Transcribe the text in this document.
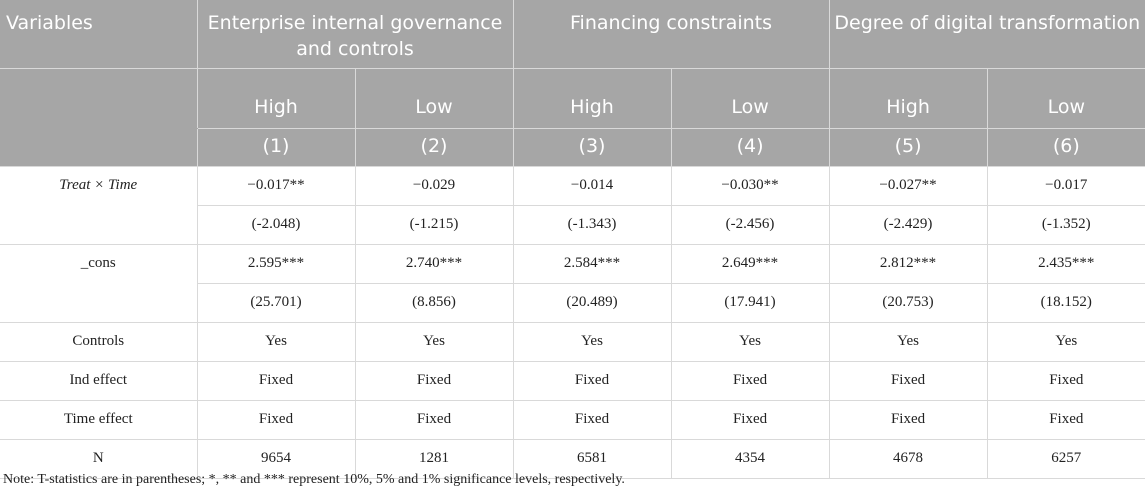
Variables	Enterprise internal governance and controls		Financing constraints		Degree of digital transformation	
	High	Low	High	Low	High	Low
	(1)	(2)	(3)	(4)	(5)	(6)
Treat × Time	−0.017**	−0.029	−0.014	−0.030**	−0.027**	−0.017
	(-2.048)	(-1.215)	(-1.343)	(-2.456)	(-2.429)	(-1.352)
_cons	2.595***	2.740***	2.584***	2.649***	2.812***	2.435***
	(25.701)	(8.856)	(20.489)	(17.941)	(20.753)	(18.152)
Controls	Yes	Yes	Yes	Yes	Yes	Yes
Ind effect	Fixed	Fixed	Fixed	Fixed	Fixed	Fixed
Time effect	Fixed	Fixed	Fixed	Fixed	Fixed	Fixed
N	9654	1281	6581	4354	4678	6257
Note: T-statistics are in parentheses; *, ** and *** represent 10%, 5% and 1% significance levels, respectively.
